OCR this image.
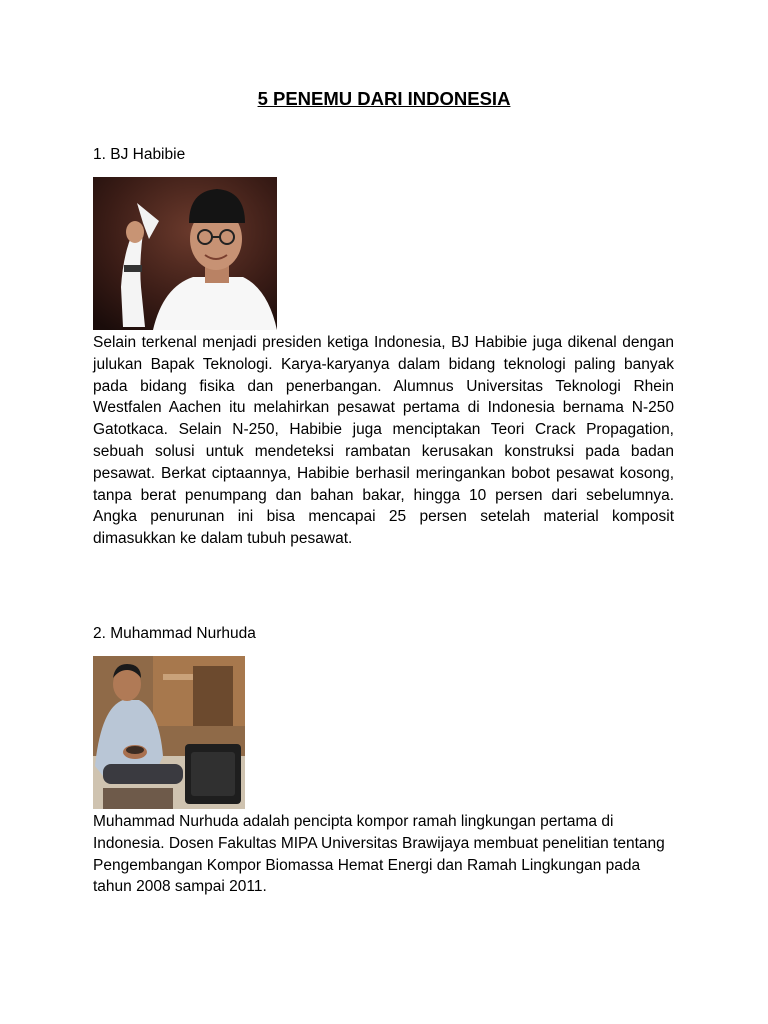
5 PENEMU DARI INDONESIA

1. BJ Habibie

Selain terkenal menjadi presiden ketiga Indonesia, BJ Habibie juga dikenal dengan julukan Bapak Teknologi. Karya-karyanya dalam bidang teknologi paling banyak pada bidang fisika dan penerbangan. Alumnus Universitas Teknologi Rhein Westfalen Aachen itu melahirkan pesawat pertama di Indonesia bernama N-250 Gatotkaca. Selain N-250, Habibie juga menciptakan Teori Crack Propagation, sebuah solusi untuk mendeteksi rambatan kerusakan konstruksi pada badan pesawat. Berkat ciptaannya, Habibie berhasil meringankan bobot pesawat kosong, tanpa berat penumpang dan bahan bakar, hingga 10 persen dari sebelumnya. Angka penurunan ini bisa mencapai 25 persen setelah material komposit dimasukkan ke dalam tubuh pesawat.

2. Muhammad Nurhuda

Muhammad Nurhuda adalah pencipta kompor ramah lingkungan pertama di Indonesia. Dosen Fakultas MIPA Universitas Brawijaya membuat penelitian tentang Pengembangan Kompor Biomassa Hemat Energi dan Ramah Lingkungan pada tahun 2008 sampai 2011.
